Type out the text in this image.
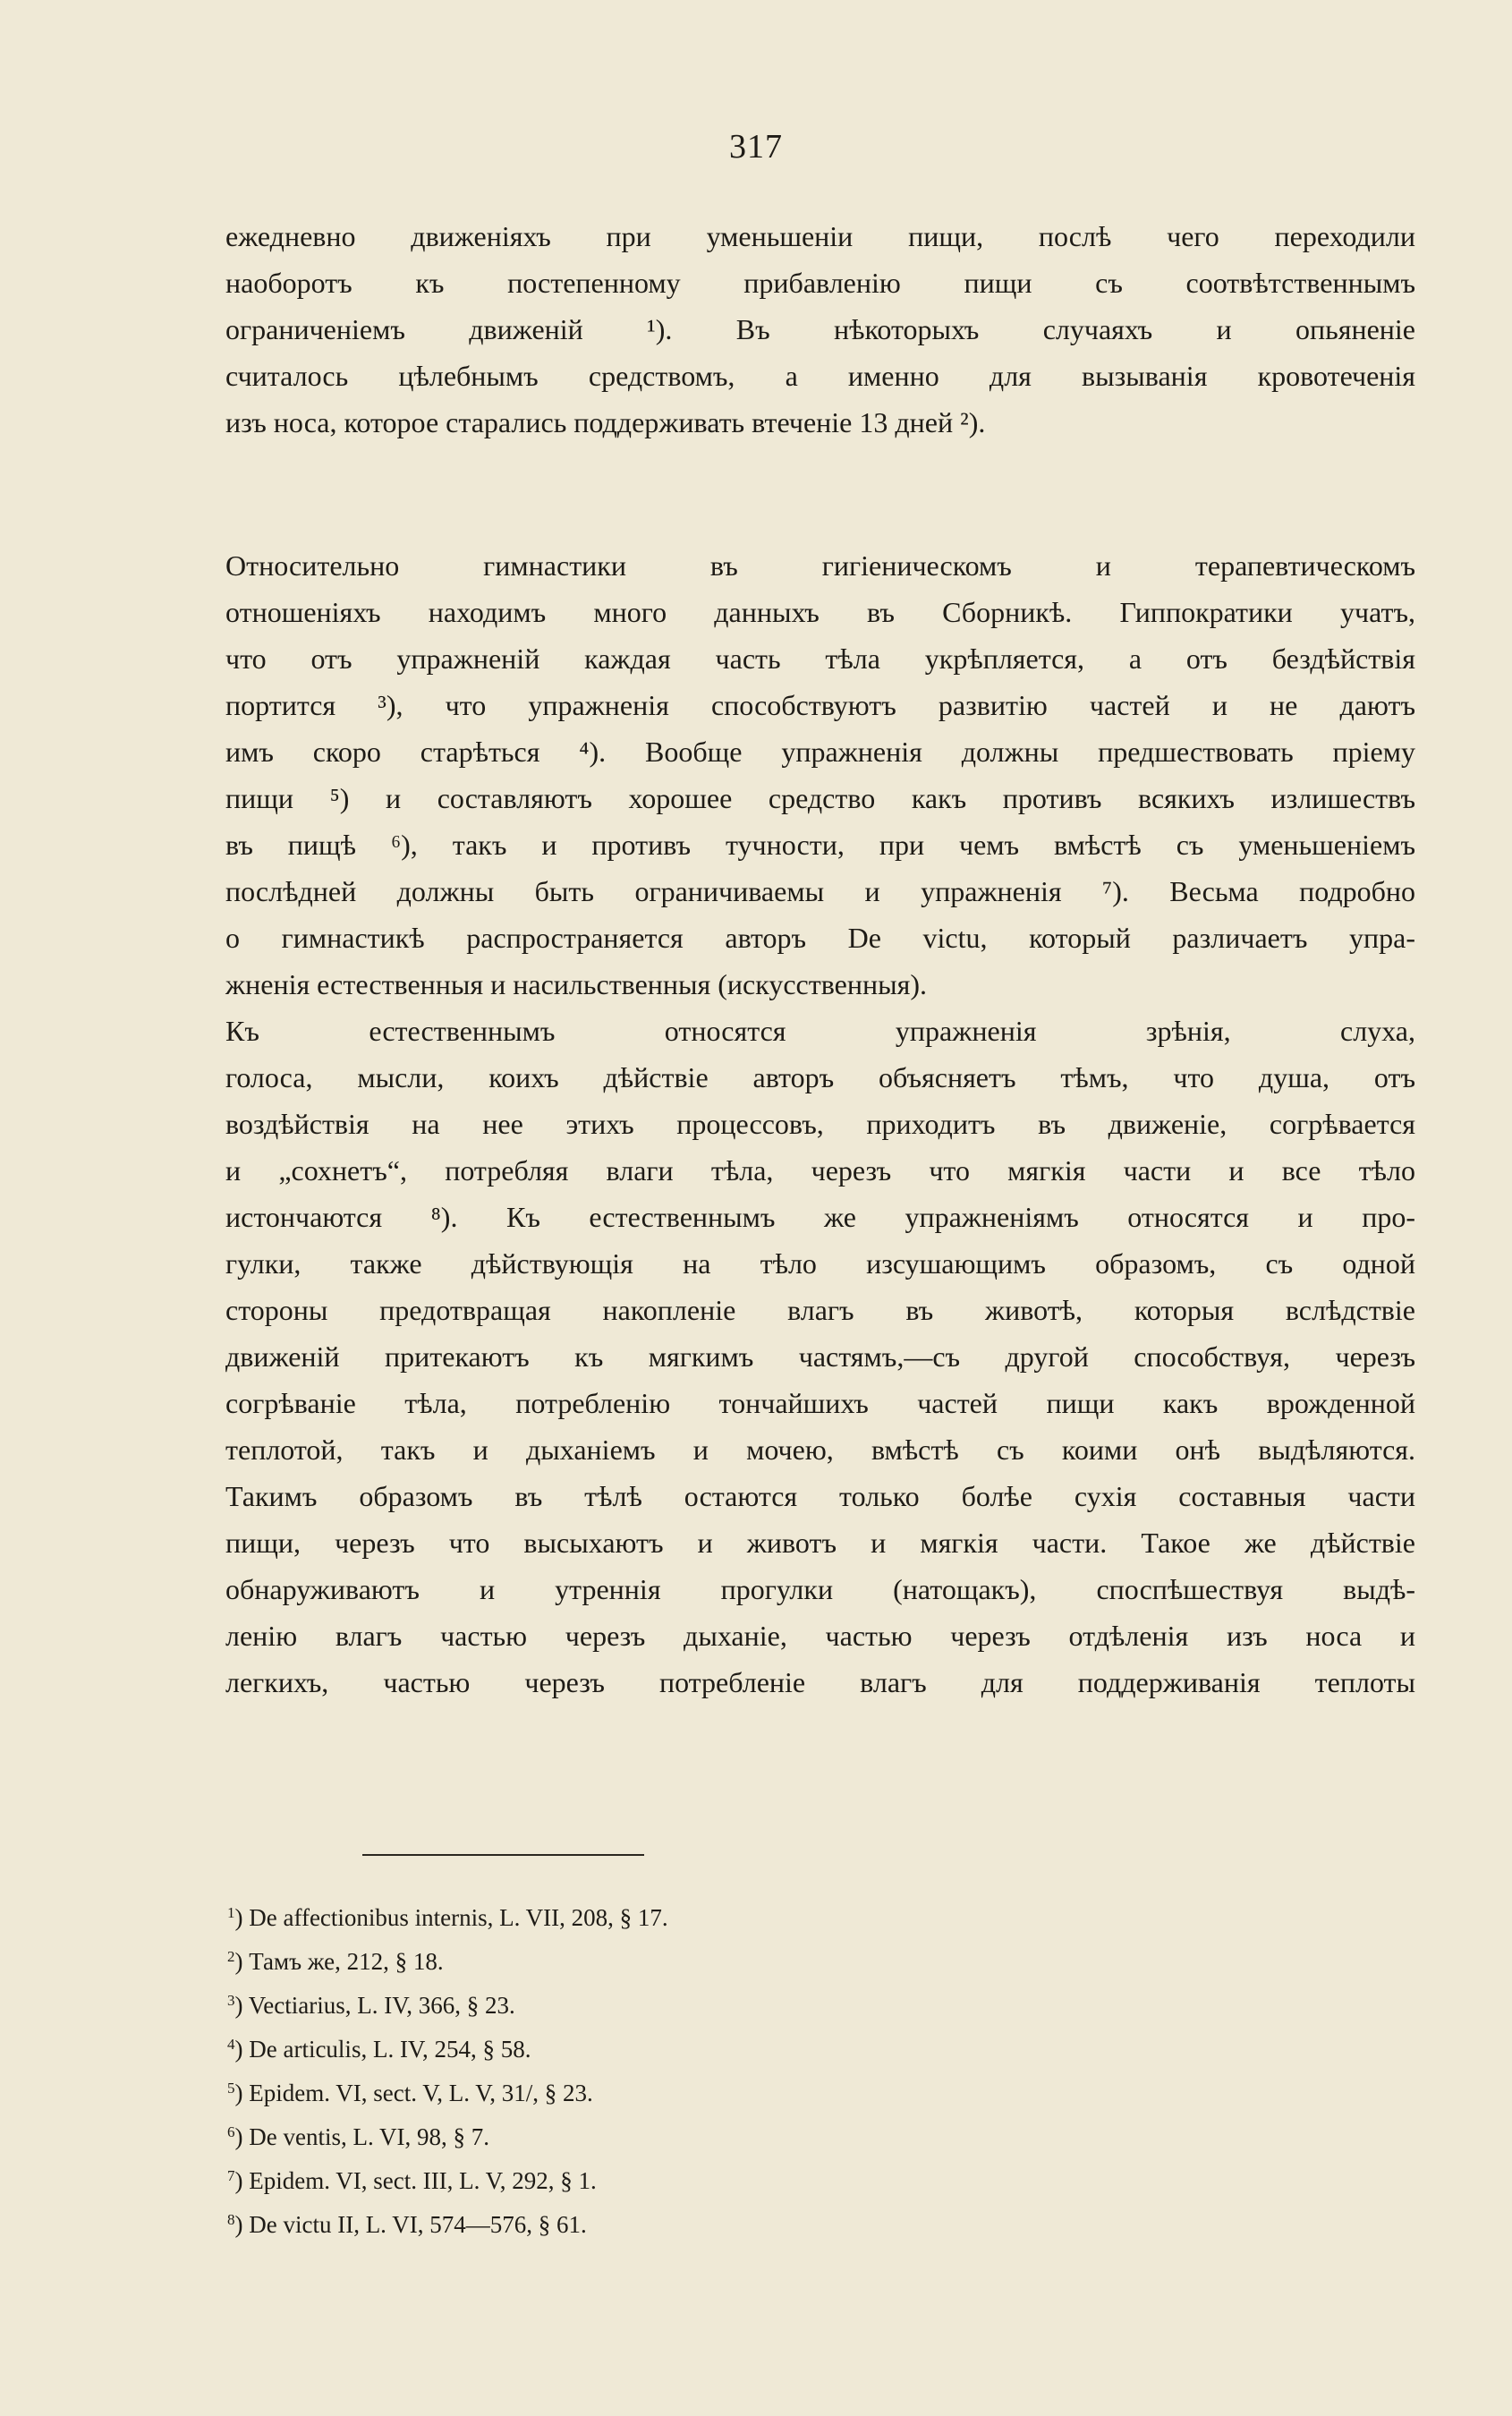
317
ежедневно движеніяхъ при уменьшеніи пищи, послѣ чего переходили
наоборотъ къ постепенному прибавленію пищи съ соотвѣтственнымъ
ограниченіемъ движеній ¹). Въ нѣкоторыхъ случаяхъ и опьяненіе
считалось цѣлебнымъ средствомъ, а именно для вызыванія кровотеченія
изъ носа, которое старались поддерживать втеченіе 13 дней ²).
Относительно гимнастики въ гигіеническомъ и терапевтическомъ
отношеніяхъ находимъ много данныхъ въ Сборникѣ. Гиппократики учатъ,
что отъ упражненій каждая часть тѣла укрѣпляется, а отъ бездѣйствія
портится ³), что упражненія способствуютъ развитію частей и не даютъ
имъ скоро старѣться ⁴). Вообще упражненія должны предшествовать пріему
пищи ⁵) и составляютъ хорошее средство какъ противъ всякихъ излишествъ
въ пищѣ ⁶), такъ и противъ тучности, при чемъ вмѣстѣ съ уменьшеніемъ
послѣдней должны быть ограничиваемы и упражненія ⁷). Весьма подробно
о гимнастикѣ распространяется авторъ De victu, который различаетъ упра-
жненія естественныя и насильственныя (искусственныя).
Къ естественнымъ относятся упражненія зрѣнія, слуха,
голоса, мысли, коихъ дѣйствіе авторъ объясняетъ тѣмъ, что душа, отъ
воздѣйствія на нее этихъ процессовъ, приходитъ въ движеніе, согрѣвается
и „сохнетъ“, потребляя влаги тѣла, черезъ что мягкія части и все тѣло
истончаются ⁸). Къ естественнымъ же упражненіямъ относятся и про-
гулки, также дѣйствующія на тѣло изсушающимъ образомъ, съ одной
стороны предотвращая накопленіе влагъ въ животѣ, которыя вслѣдствіе
движеній притекаютъ къ мягкимъ частямъ,—съ другой способствуя, черезъ
согрѣваніе тѣла, потребленію тончайшихъ частей пищи какъ врожденной
теплотой, такъ и дыханіемъ и мочею, вмѣстѣ съ коими онѣ выдѣляются.
Такимъ образомъ въ тѣлѣ остаются только болѣе сухія составныя части
пищи, черезъ что высыхаютъ и животъ и мягкія части. Такое же дѣйствіе
обнаруживаютъ и утреннія прогулки (натощакъ), споспѣшествуя выдѣ-
ленію влагъ частью черезъ дыханіе, частью черезъ отдѣленія изъ носа и
легкихъ, частью черезъ потребленіе влагъ для поддерживанія теплоты
$^1$) De affectionibus internis, L. VII, 208, § 17.
$^2$) Тамъ же, 212, § 18.
$^3$) Vectiarius, L. IV, 366, § 23.
$^4$) De articulis, L. IV, 254, § 58.
$^5$) Epidem. VI, sect. V, L. V, 31/, § 23.
$^6$) De ventis, L. VI, 98, § 7.
$^7$) Epidem. VI, sect. III, L. V, 292, § 1.
$^8$) De victu II, L. VI, 574—576, § 61.
